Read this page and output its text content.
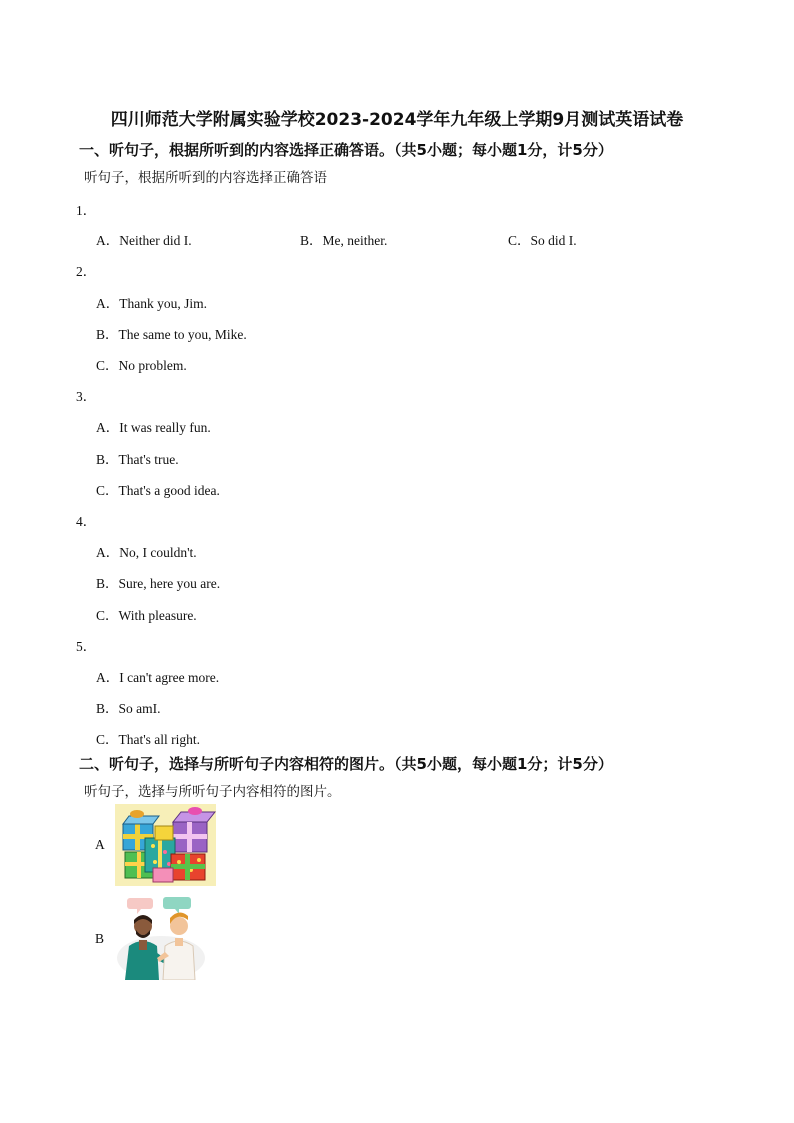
四川师范大学附属实验学校2023-2024学年九年级上学期9月测试英语试卷
一、听句子，根据所听到的内容选择正确答语。（共5小题；每小题1分，计5分）
听句子，根据所听到的内容选择正确答语
1．
A．Neither did I.	B．Me, neither.	C．So did I.
2．
A．Thank you, Jim.
B．The same to you, Mike.
C．No problem.
3．
A．It was really fun.
B．That's true.
C．That's a good idea.
4．
A．No, I couldn't.
B．Sure, here you are.
C．With pleasure.
5．
A．I can't agree more.
B．So amI.
C．That's all right.
二、听句子，选择与所听句子内容相符的图片。（共5小题，每小题1分；计5分）
听句子，选择与所听句子内容相符的图片。
A
B
